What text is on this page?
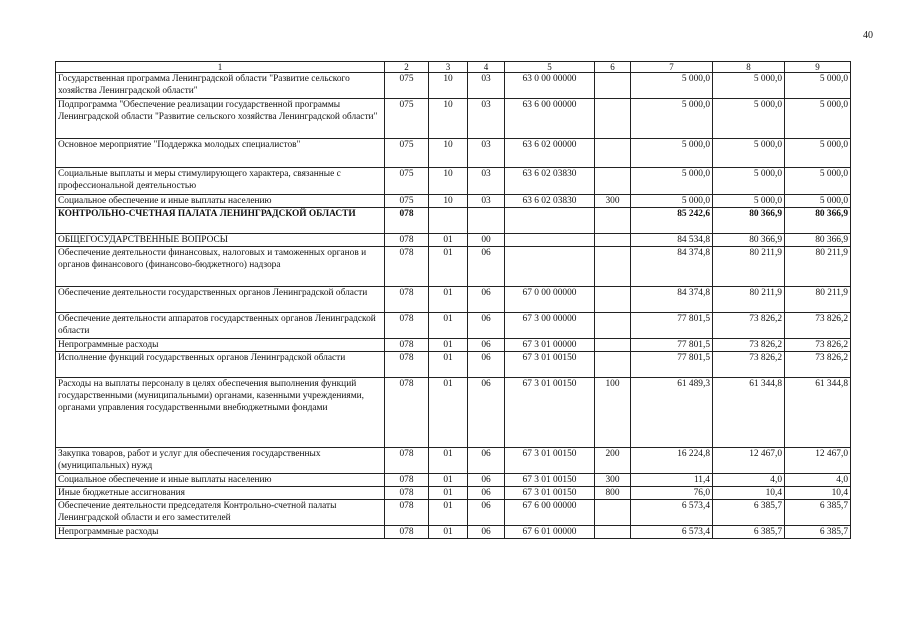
40
1	2	3	4	5	6	7	8	9
Государственная программа Ленинградской области "Развитие сельского хозяйства Ленинградской области"	075	10	03	63 0 00 00000		5 000,0	5 000,0	5 000,0
Подпрограмма "Обеспечение реализации государственной программы Ленинградской области "Развитие сельского хозяйства Ленинградской области"	075	10	03	63 6 00 00000		5 000,0	5 000,0	5 000,0
Основное мероприятие "Поддержка молодых специалистов"	075	10	03	63 6 02 00000		5 000,0	5 000,0	5 000,0
Социальные выплаты и меры стимулирующего характера, связанные с профессиональной деятельностью	075	10	03	63 6 02 03830		5 000,0	5 000,0	5 000,0
Социальное обеспечение и иные выплаты населению	075	10	03	63 6 02 03830	300	5 000,0	5 000,0	5 000,0
КОНТРОЛЬНО-СЧЕТНАЯ ПАЛАТА ЛЕНИНГРАДСКОЙ ОБЛАСТИ	078					85 242,6	80 366,9	80 366,9
ОБЩЕГОСУДАРСТВЕННЫЕ ВОПРОСЫ	078	01	00			84 534,8	80 366,9	80 366,9
Обеспечение деятельности финансовых, налоговых и таможенных органов и органов финансового (финансово-бюджетного) надзора	078	01	06			84 374,8	80 211,9	80 211,9
Обеспечение деятельности государственных органов Ленинградской области	078	01	06	67 0 00 00000		84 374,8	80 211,9	80 211,9
Обеспечение деятельности аппаратов государственных органов Ленинградской области	078	01	06	67 3 00 00000		77 801,5	73 826,2	73 826,2
Непрограммные расходы	078	01	06	67 3 01 00000		77 801,5	73 826,2	73 826,2
Исполнение функций государственных органов Ленинградской области	078	01	06	67 3 01 00150		77 801,5	73 826,2	73 826,2
Расходы на выплаты персоналу в целях обеспечения выполнения функций государственными (муниципальными) органами, казенными учреждениями, органами управления государственными внебюджетными фондами	078	01	06	67 3 01 00150	100	61 489,3	61 344,8	61 344,8
Закупка товаров, работ и услуг для обеспечения государственных (муниципальных) нужд	078	01	06	67 3 01 00150	200	16 224,8	12 467,0	12 467,0
Социальное обеспечение и иные выплаты населению	078	01	06	67 3 01 00150	300	11,4	4,0	4,0
Иные бюджетные ассигнования	078	01	06	67 3 01 00150	800	76,0	10,4	10,4
Обеспечение деятельности председателя Контрольно-счетной палаты Ленинградской области и его заместителей	078	01	06	67 6 00 00000		6 573,4	6 385,7	6 385,7
Непрограммные расходы	078	01	06	67 6 01 00000		6 573,4	6 385,7	6 385,7
